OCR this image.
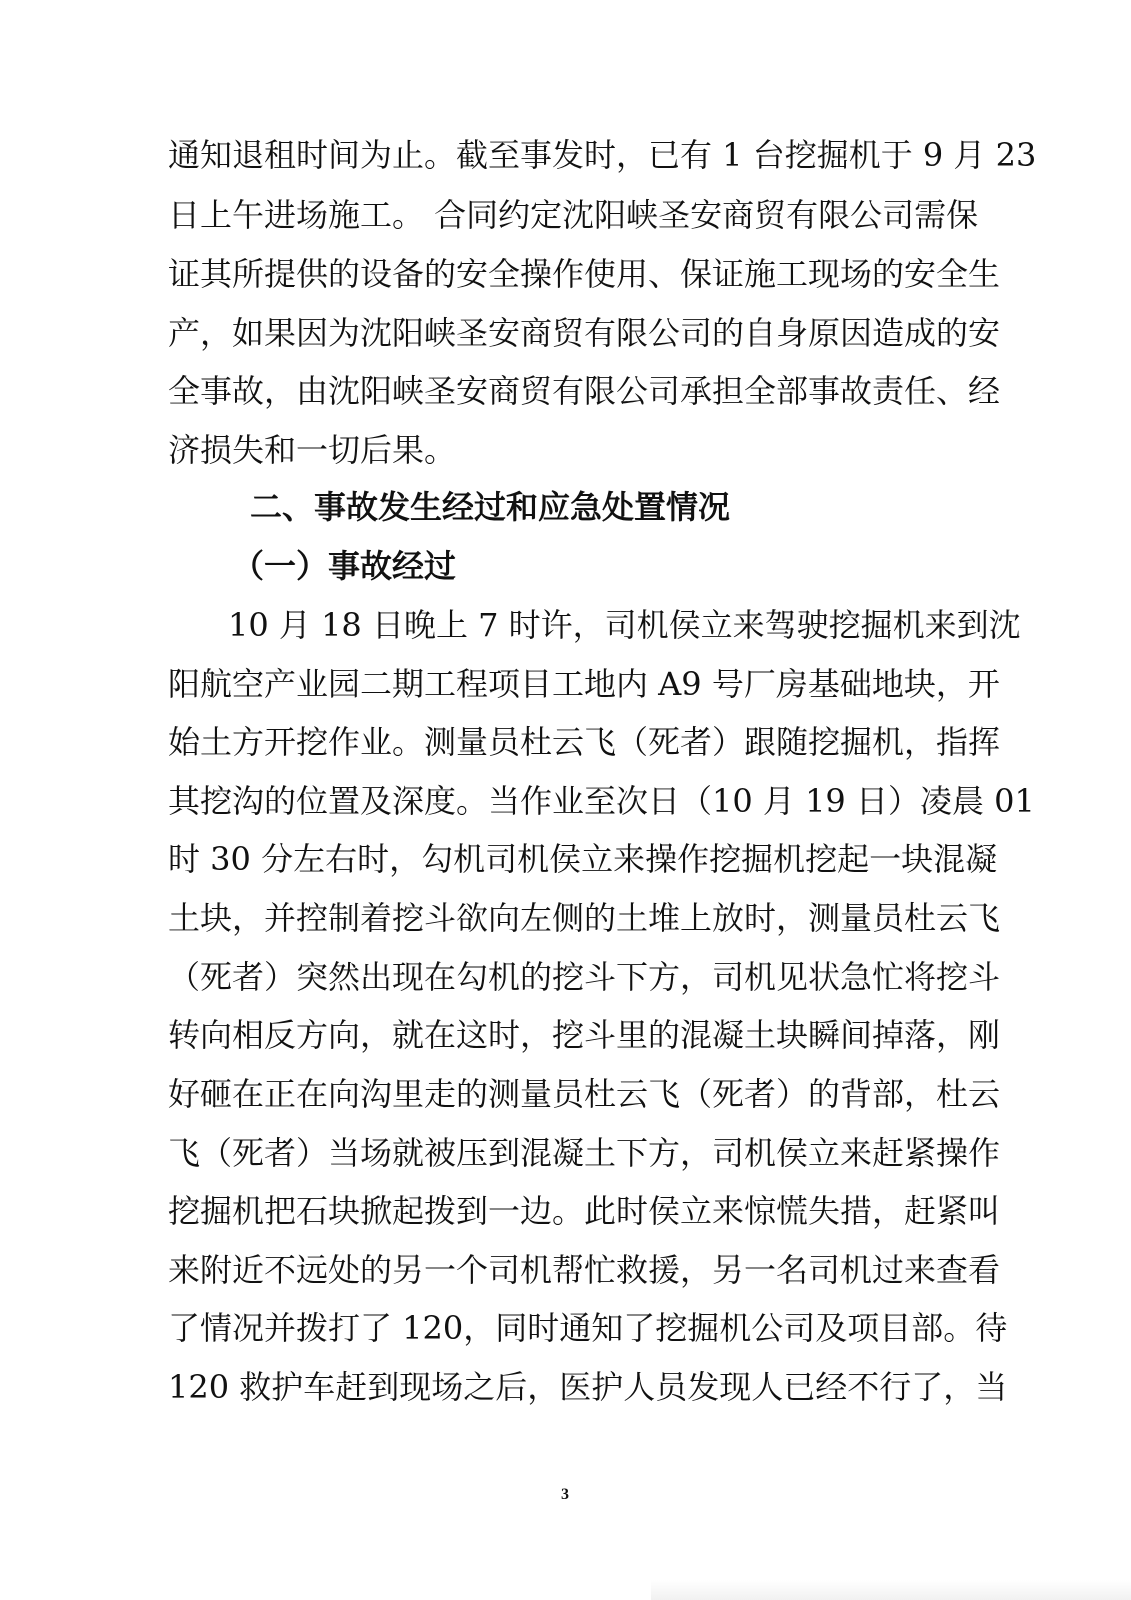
通知退租时间为止。截至事发时，已有 1 台挖掘机于 9 月 23
日上午进场施工。 合同约定沈阳峡圣安商贸有限公司需保
证其所提供的设备的安全操作使用、保证施工现场的安全生
产，如果因为沈阳峡圣安商贸有限公司的自身原因造成的安
全事故，由沈阳峡圣安商贸有限公司承担全部事故责任、经
济损失和一切后果。
二、事故发生经过和应急处置情况
（一）事故经过
10 月 18 日晚上 7 时许，司机侯立来驾驶挖掘机来到沈
阳航空产业园二期工程项目工地内 A9 号厂房基础地块，开
始土方开挖作业。测量员杜云飞（死者）跟随挖掘机，指挥
其挖沟的位置及深度。当作业至次日（10 月 19 日）凌晨 01
时 30 分左右时，勾机司机侯立来操作挖掘机挖起一块混凝
土块，并控制着挖斗欲向左侧的土堆上放时，测量员杜云飞
（死者）突然出现在勾机的挖斗下方，司机见状急忙将挖斗
转向相反方向，就在这时，挖斗里的混凝土块瞬间掉落，刚
好砸在正在向沟里走的测量员杜云飞（死者）的背部，杜云
飞（死者）当场就被压到混凝土下方，司机侯立来赶紧操作
挖掘机把石块掀起拨到一边。此时侯立来惊慌失措，赶紧叫
来附近不远处的另一个司机帮忙救援，另一名司机过来查看
了情况并拨打了 120，同时通知了挖掘机公司及项目部。待
120 救护车赶到现场之后，医护人员发现人已经不行了，当
3
